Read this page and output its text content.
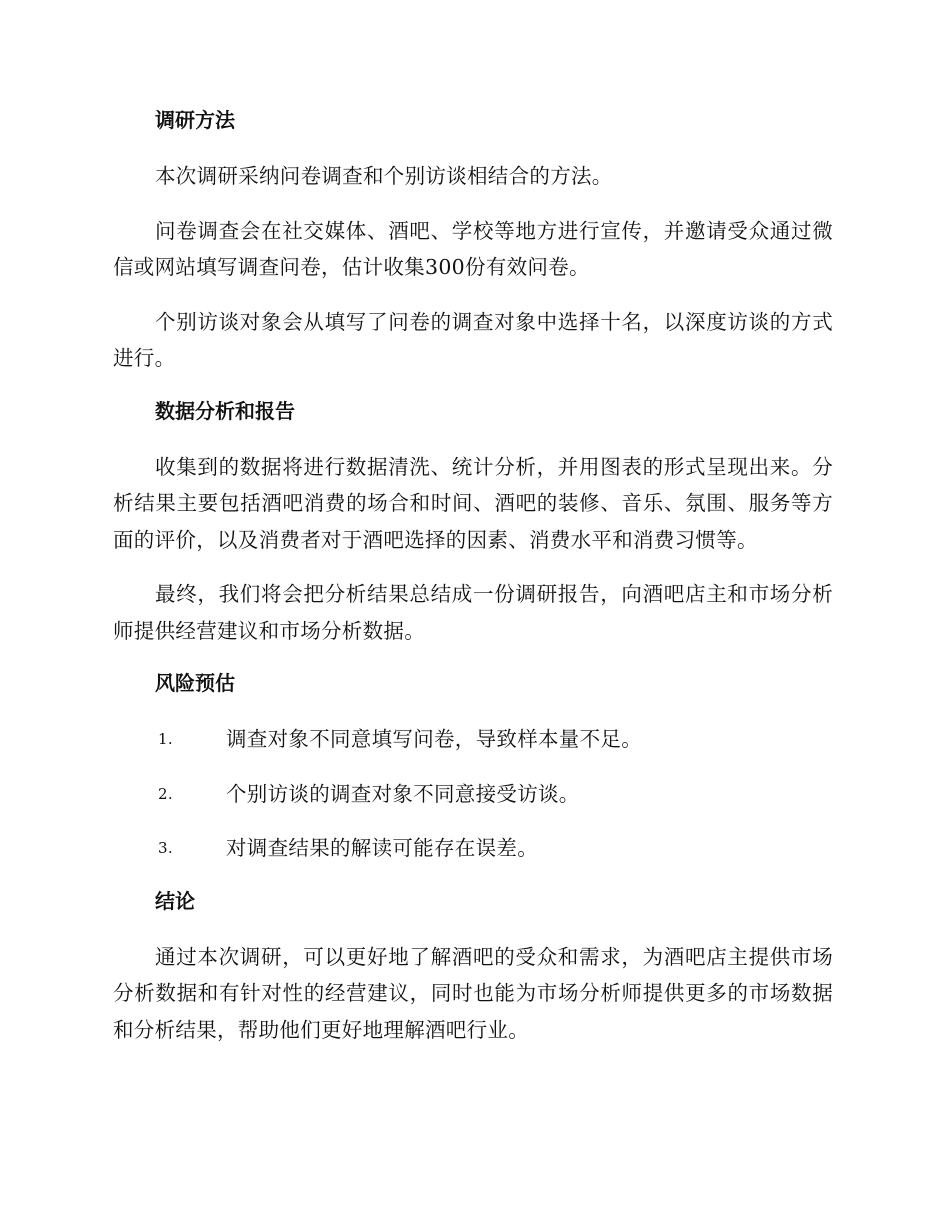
调研方法

本次调研采纳问卷调查和个别访谈相结合的方法。

问卷调查会在社交媒体、酒吧、学校等地方进行宣传，并邀请受众通过微信或网站填写调查问卷，估计收集300份有效问卷。

个别访谈对象会从填写了问卷的调查对象中选择十名，以深度访谈的方式进行。

数据分析和报告

收集到的数据将进行数据清洗、统计分析，并用图表的形式呈现出来。分析结果主要包括酒吧消费的场合和时间、酒吧的装修、音乐、氛围、服务等方面的评价，以及消费者对于酒吧选择的因素、消费水平和消费习惯等。

最终，我们将会把分析结果总结成一份调研报告，向酒吧店主和市场分析师提供经营建议和市场分析数据。

风险预估
1.	调查对象不同意填写问卷，导致样本量不足。
2.	个别访谈的调查对象不同意接受访谈。
3.	对调查结果的解读可能存在误差。
结论

通过本次调研，可以更好地了解酒吧的受众和需求，为酒吧店主提供市场分析数据和有针对性的经营建议，同时也能为市场分析师提供更多的市场数据和分析结果，帮助他们更好地理解酒吧行业。
